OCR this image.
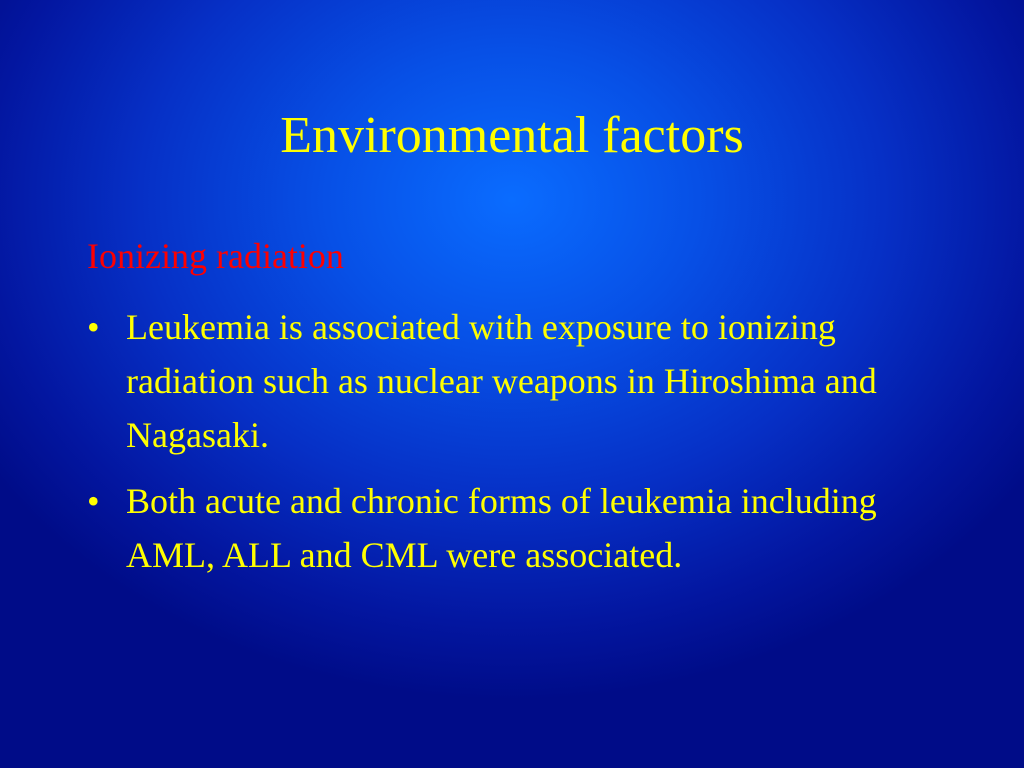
Environmental factors

Ionizing radiation

• Leukemia is associated with exposure to ionizing radiation such as nuclear weapons in Hiroshima and Nagasaki.
• Both acute and chronic forms of leukemia including AML, ALL and CML were associated.
